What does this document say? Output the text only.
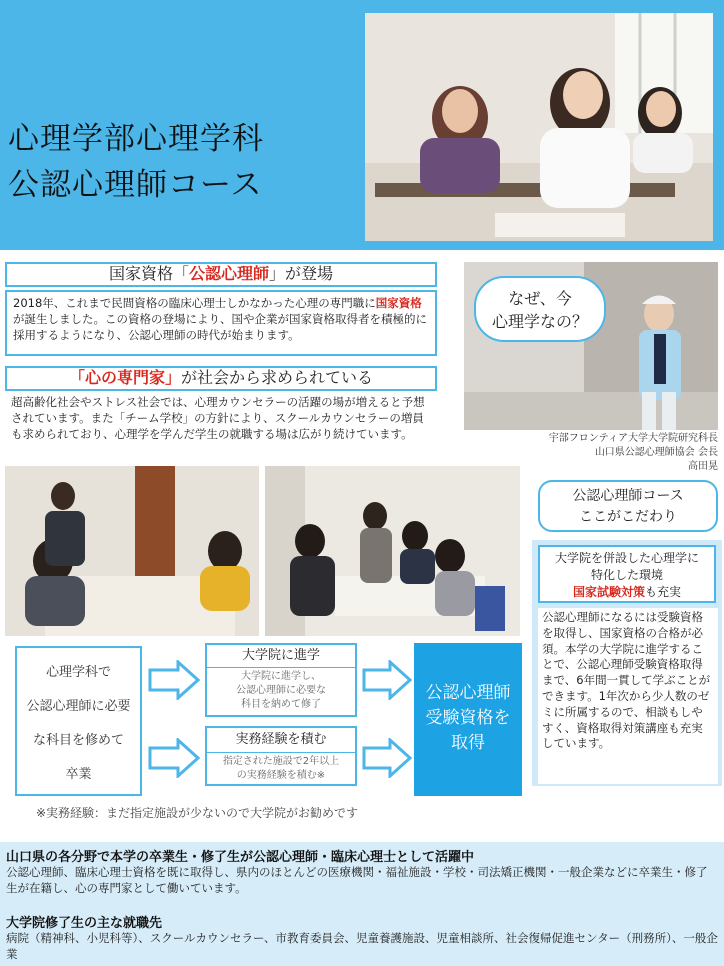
心理学部心理学科
公認心理師コース
国家資格「公認心理師」が登場
2018年、これまで民間資格の臨床心理士しかなかった心理の専門職に国家資格が誕生しました。この資格の登場により、国や企業が国家資格取得者を積極的に採用するようになり、公認心理師の時代が始まります。
「心の専門家」が社会から求められている
超高齢化社会やストレス社会では、心理カウンセラーの活躍の場が増えると予想されています。また「チーム学校」の方針により、スクールカウンセラーの増員も求められており、心理学を学んだ学生の就職する場は広がり続けています。
なぜ、今
心理学なの？
宇部フロンティア大学大学院研究科長
山口県公認心理師協会 会長
高田晃
公認心理師コース
ここがこだわり
大学院を併設した心理学に
特化した環境
国家試験対策も充実
公認心理師になるには受験資格を取得し、国家資格の合格が必須。本学の大学院に進学することで、公認心理師受験資格取得まで、6年間一貫して学ぶことができます。1年次から少人数のゼミに所属するので、相談もしやすく、資格取得対策講座も充実しています。
心理学科で
公認心理師に必要
な科目を修めて
卒業
大学院に進学
大学院に進学し、
公認心理師に必要な
科目を納めて修了
実務経験を積む
指定された施設で2年以上
の実務経験を積む※
公認心理師
受験資格を
取得
※実務経験：まだ指定施設が少ないので大学院がお勧めです
山口県の各分野で本学の卒業生・修了生が公認心理師・臨床心理士として活躍中
公認心理師、臨床心理士資格を既に取得し、県内のほとんどの医療機関・福祉施設・学校・司法矯正機関・一般企業などに卒業生・修了生が在籍し、心の専門家として働いています。
大学院修了生の主な就職先
病院（精神科、小児科等）、スクールカウンセラー、市教育委員会、児童養護施設、児童相談所、社会復帰促進センター（刑務所）、一般企業
